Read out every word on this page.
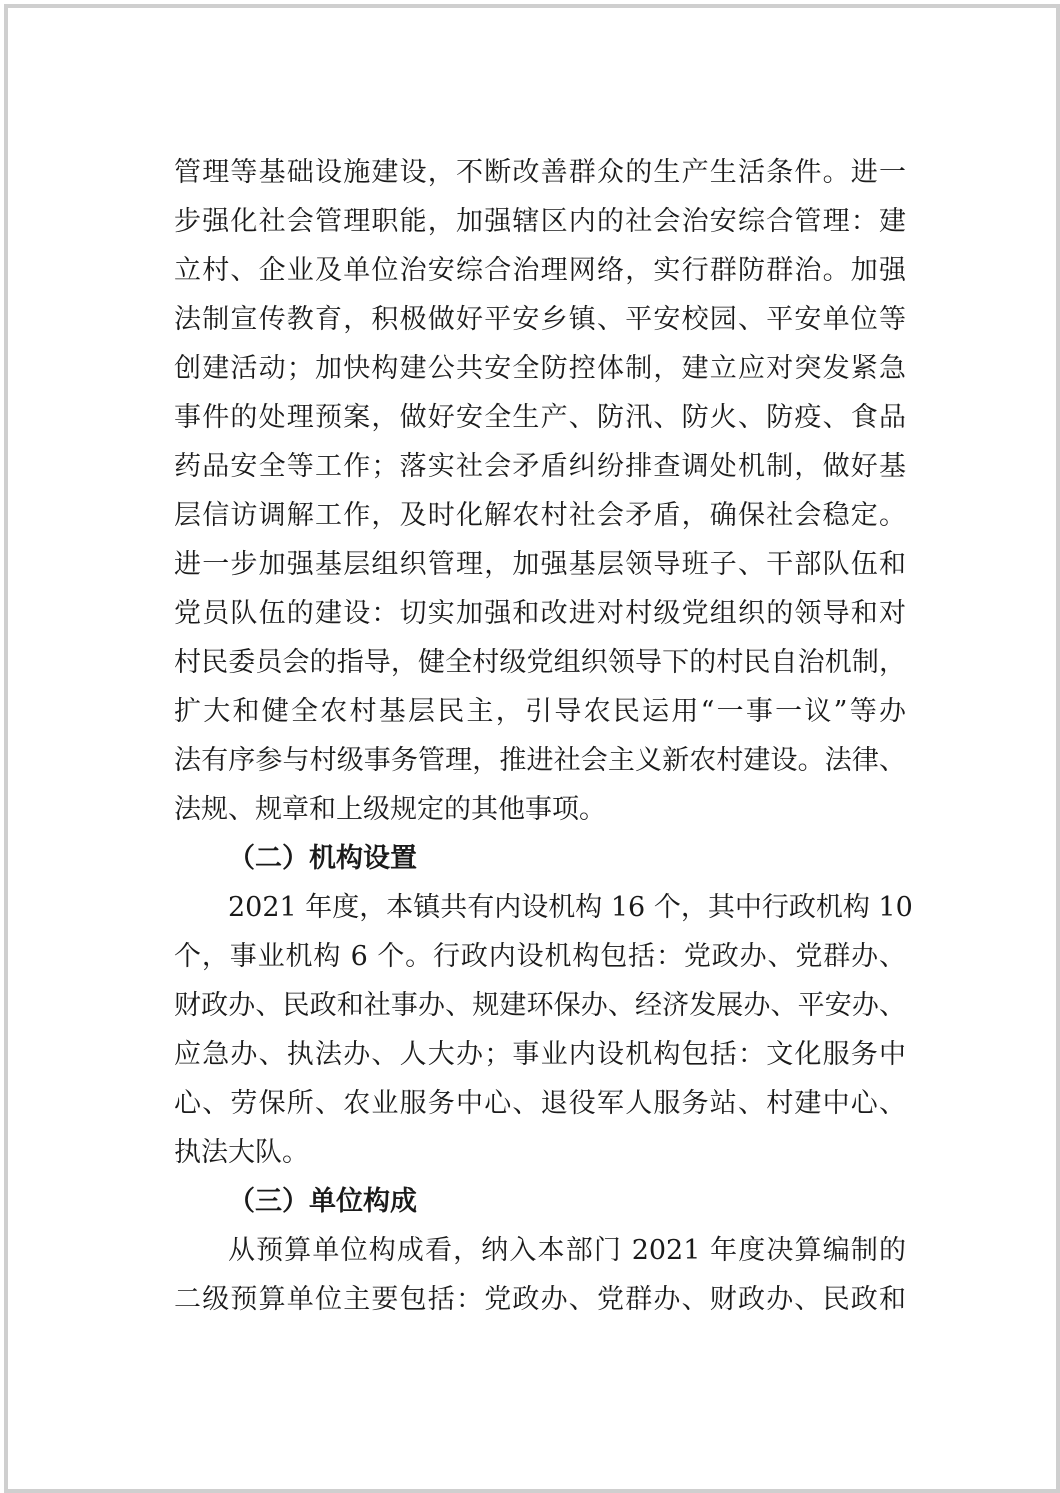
管理等基础设施建设，不断改善群众的生产生活条件。进一
步强化社会管理职能，加强辖区内的社会治安综合管理：建
立村、企业及单位治安综合治理网络，实行群防群治。加强
法制宣传教育，积极做好平安乡镇、平安校园、平安单位等
创建活动；加快构建公共安全防控体制，建立应对突发紧急
事件的处理预案，做好安全生产、防汛、防火、防疫、食品
药品安全等工作；落实社会矛盾纠纷排查调处机制，做好基
层信访调解工作，及时化解农村社会矛盾，确保社会稳定。
进一步加强基层组织管理，加强基层领导班子、干部队伍和
党员队伍的建设：切实加强和改进对村级党组织的领导和对
村民委员会的指导，健全村级党组织领导下的村民自治机制，
扩大和健全农村基层民主，引导农民运用“一事一议”等办
法有序参与村级事务管理，推进社会主义新农村建设。法律、
法规、规章和上级规定的其他事项。
（二）机构设置
2021 年度，本镇共有内设机构 16 个，其中行政机构 10
个，事业机构 6 个。行政内设机构包括：党政办、党群办、
财政办、民政和社事办、规建环保办、经济发展办、平安办、
应急办、执法办、人大办；事业内设机构包括：文化服务中
心、劳保所、农业服务中心、退役军人服务站、村建中心、
执法大队。
（三）单位构成
从预算单位构成看，纳入本部门 2021 年度决算编制的
二级预算单位主要包括：党政办、党群办、财政办、民政和
